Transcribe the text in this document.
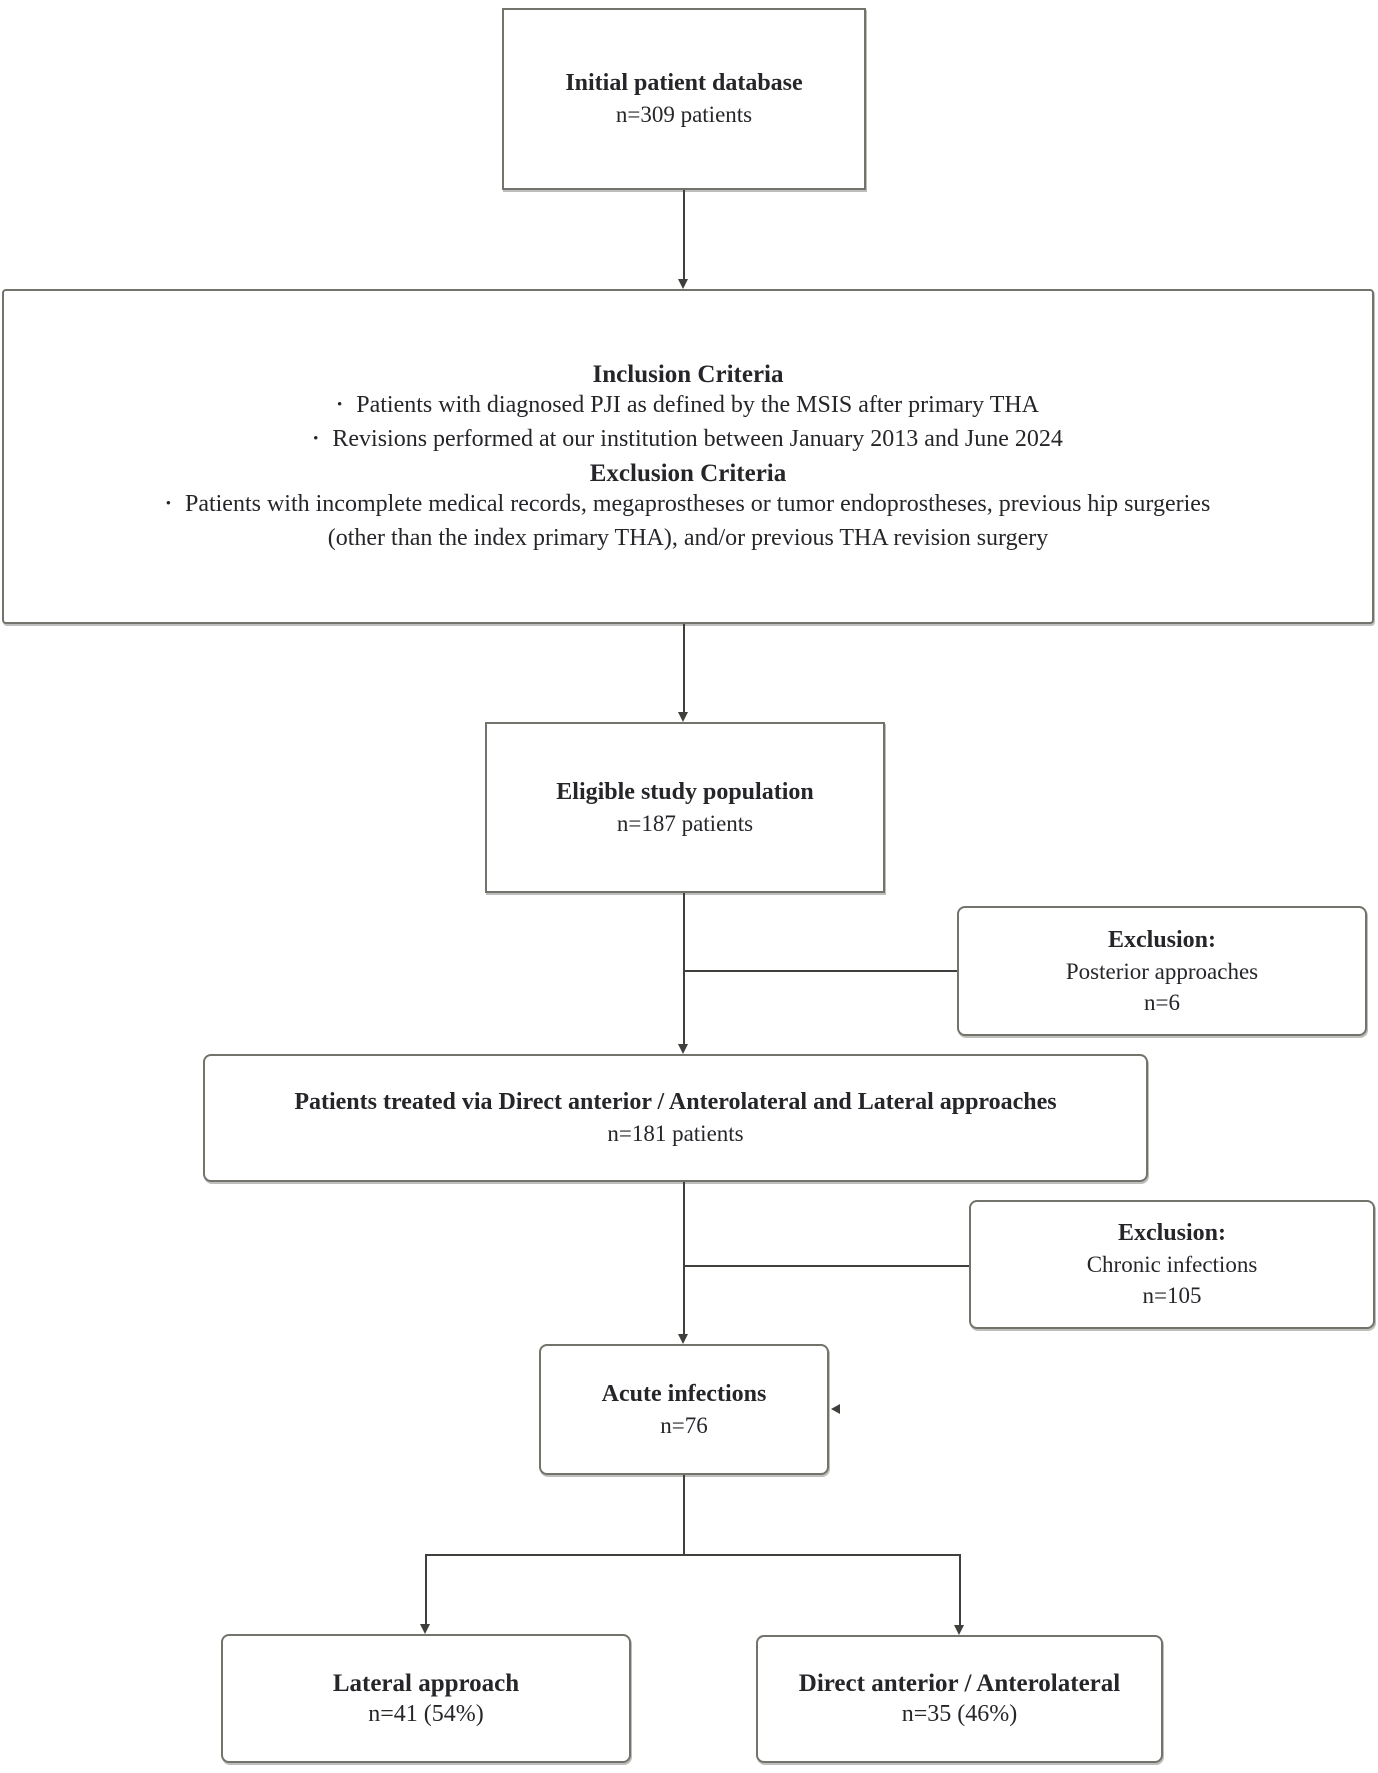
Initial patient database
n=309 patients
Inclusion Criteria
• Patients with diagnosed PJI as defined by the MSIS after primary THA
• Revisions performed at our institution between January 2013 and June 2024
Exclusion Criteria
• Patients with incomplete medical records, megaprostheses or tumor endoprostheses, previous hip surgeries
(other than the index primary THA), and/or previous THA revision surgery
Eligible study population
n=187 patients
Exclusion:
Posterior approaches
n=6
Patients treated via Direct anterior / Anterolateral and Lateral approaches
n=181 patients
Exclusion:
Chronic infections
n=105
Acute infections
n=76
Lateral approach
n=41 (54%)
Direct anterior / Anterolateral
n=35 (46%)
